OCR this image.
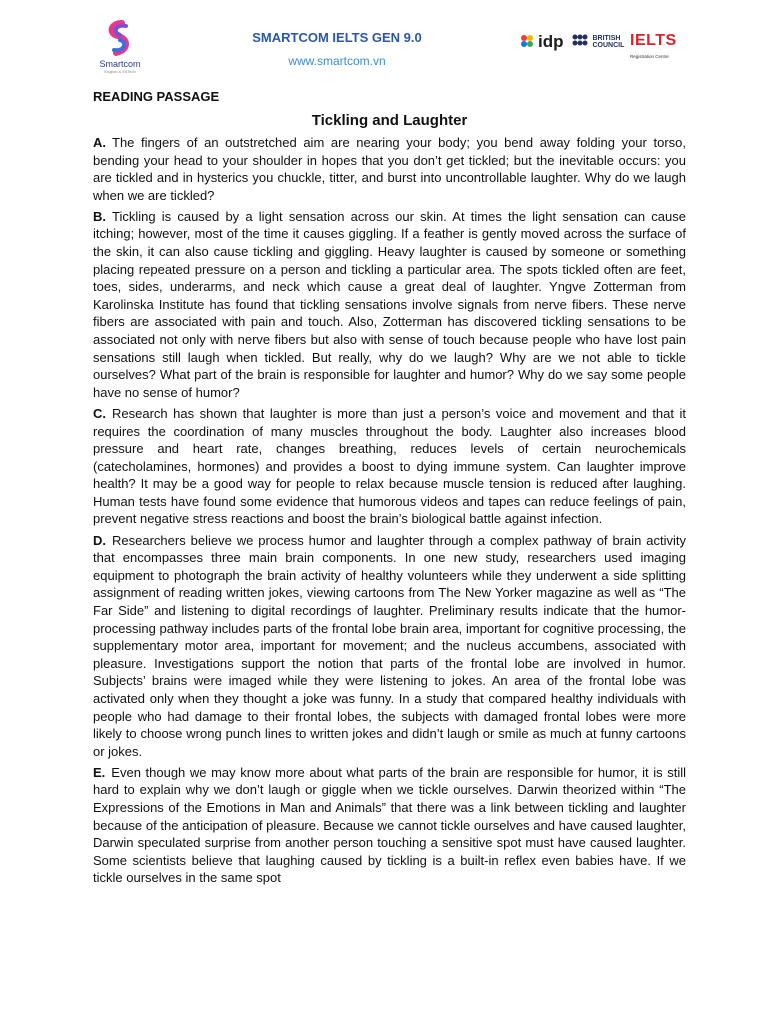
Smartcom
English & EdTech
SMARTCOM IELTS GEN 9.0
www.smartcom.vn
idp	BRITISH
COUNCIL IELTS
Registration Centre

READING PASSAGE

Tickling and Laughter

A. The fingers of an outstretched aim are nearing your body; you bend away folding your torso, bending your head to your shoulder in hopes that you don’t get tickled; but the inevitable occurs: you are tickled and in hysterics you chuckle, titter, and burst into uncontrollable laughter. Why do we laugh when we are tickled?

B. Tickling is caused by a light sensation across our skin. At times the light sensation can cause itching; however, most of the time it causes giggling. If a feather is gently moved across the surface of the skin, it can also cause tickling and giggling. Heavy laughter is caused by someone or something placing repeated pressure on a person and tickling a particular area. The spots tickled often are feet, toes, sides, underarms, and neck which cause a great deal of laughter. Yngve Zotterman from Karolinska Institute has found that tickling sensations involve signals from nerve fibers. These nerve fibers are associated with pain and touch. Also, Zotterman has discovered tickling sensations to be associated not only with nerve fibers but also with sense of touch because people who have lost pain sensations still laugh when tickled. But really, why do we laugh? Why are we not able to tickle ourselves? What part of the brain is responsible for laughter and humor? Why do we say some people have no sense of humor?

C. Research has shown that laughter is more than just a person’s voice and movement and that it requires the coordination of many muscles throughout the body. Laughter also increases blood pressure and heart rate, changes breathing, reduces levels of certain neurochemicals (catecholamines, hormones) and provides a boost to dying immune system. Can laughter improve health? It may be a good way for people to relax because muscle tension is reduced after laughing. Human tests have found some evidence that humorous videos and tapes can reduce feelings of pain, prevent negative stress reactions and boost the brain’s biological battle against infection.

D. Researchers believe we process humor and laughter through a complex pathway of brain activity that encompasses three main brain components. In one new study, researchers used imaging equipment to photograph the brain activity of healthy volunteers while they underwent a side splitting assignment of reading written jokes, viewing cartoons from The New Yorker magazine as well as “The Far Side” and listening to digital recordings of laughter. Preliminary results indicate that the humor-processing pathway includes parts of the frontal lobe brain area, important for cognitive processing, the supplementary motor area, important for movement; and the nucleus accumbens, associated with pleasure. Investigations support the notion that parts of the frontal lobe are involved in humor. Subjects’ brains were imaged while they were listening to jokes. An area of the frontal lobe was activated only when they thought a joke was funny. In a study that compared healthy individuals with people who had damage to their frontal lobes, the subjects with damaged frontal lobes were more likely to choose wrong punch lines to written jokes and didn’t laugh or smile as much at funny cartoons or jokes.

E. Even though we may know more about what parts of the brain are responsible for humor, it is still hard to explain why we don’t laugh or giggle when we tickle ourselves. Darwin theorized within “The Expressions of the Emotions in Man and Animals” that there was a link between tickling and laughter because of the anticipation of pleasure. Because we cannot tickle ourselves and have caused laughter, Darwin speculated surprise from another person touching a sensitive spot must have caused laughter. Some scientists believe that laughing caused by tickling is a built-in reflex even babies have. If we tickle ourselves in the same spot
